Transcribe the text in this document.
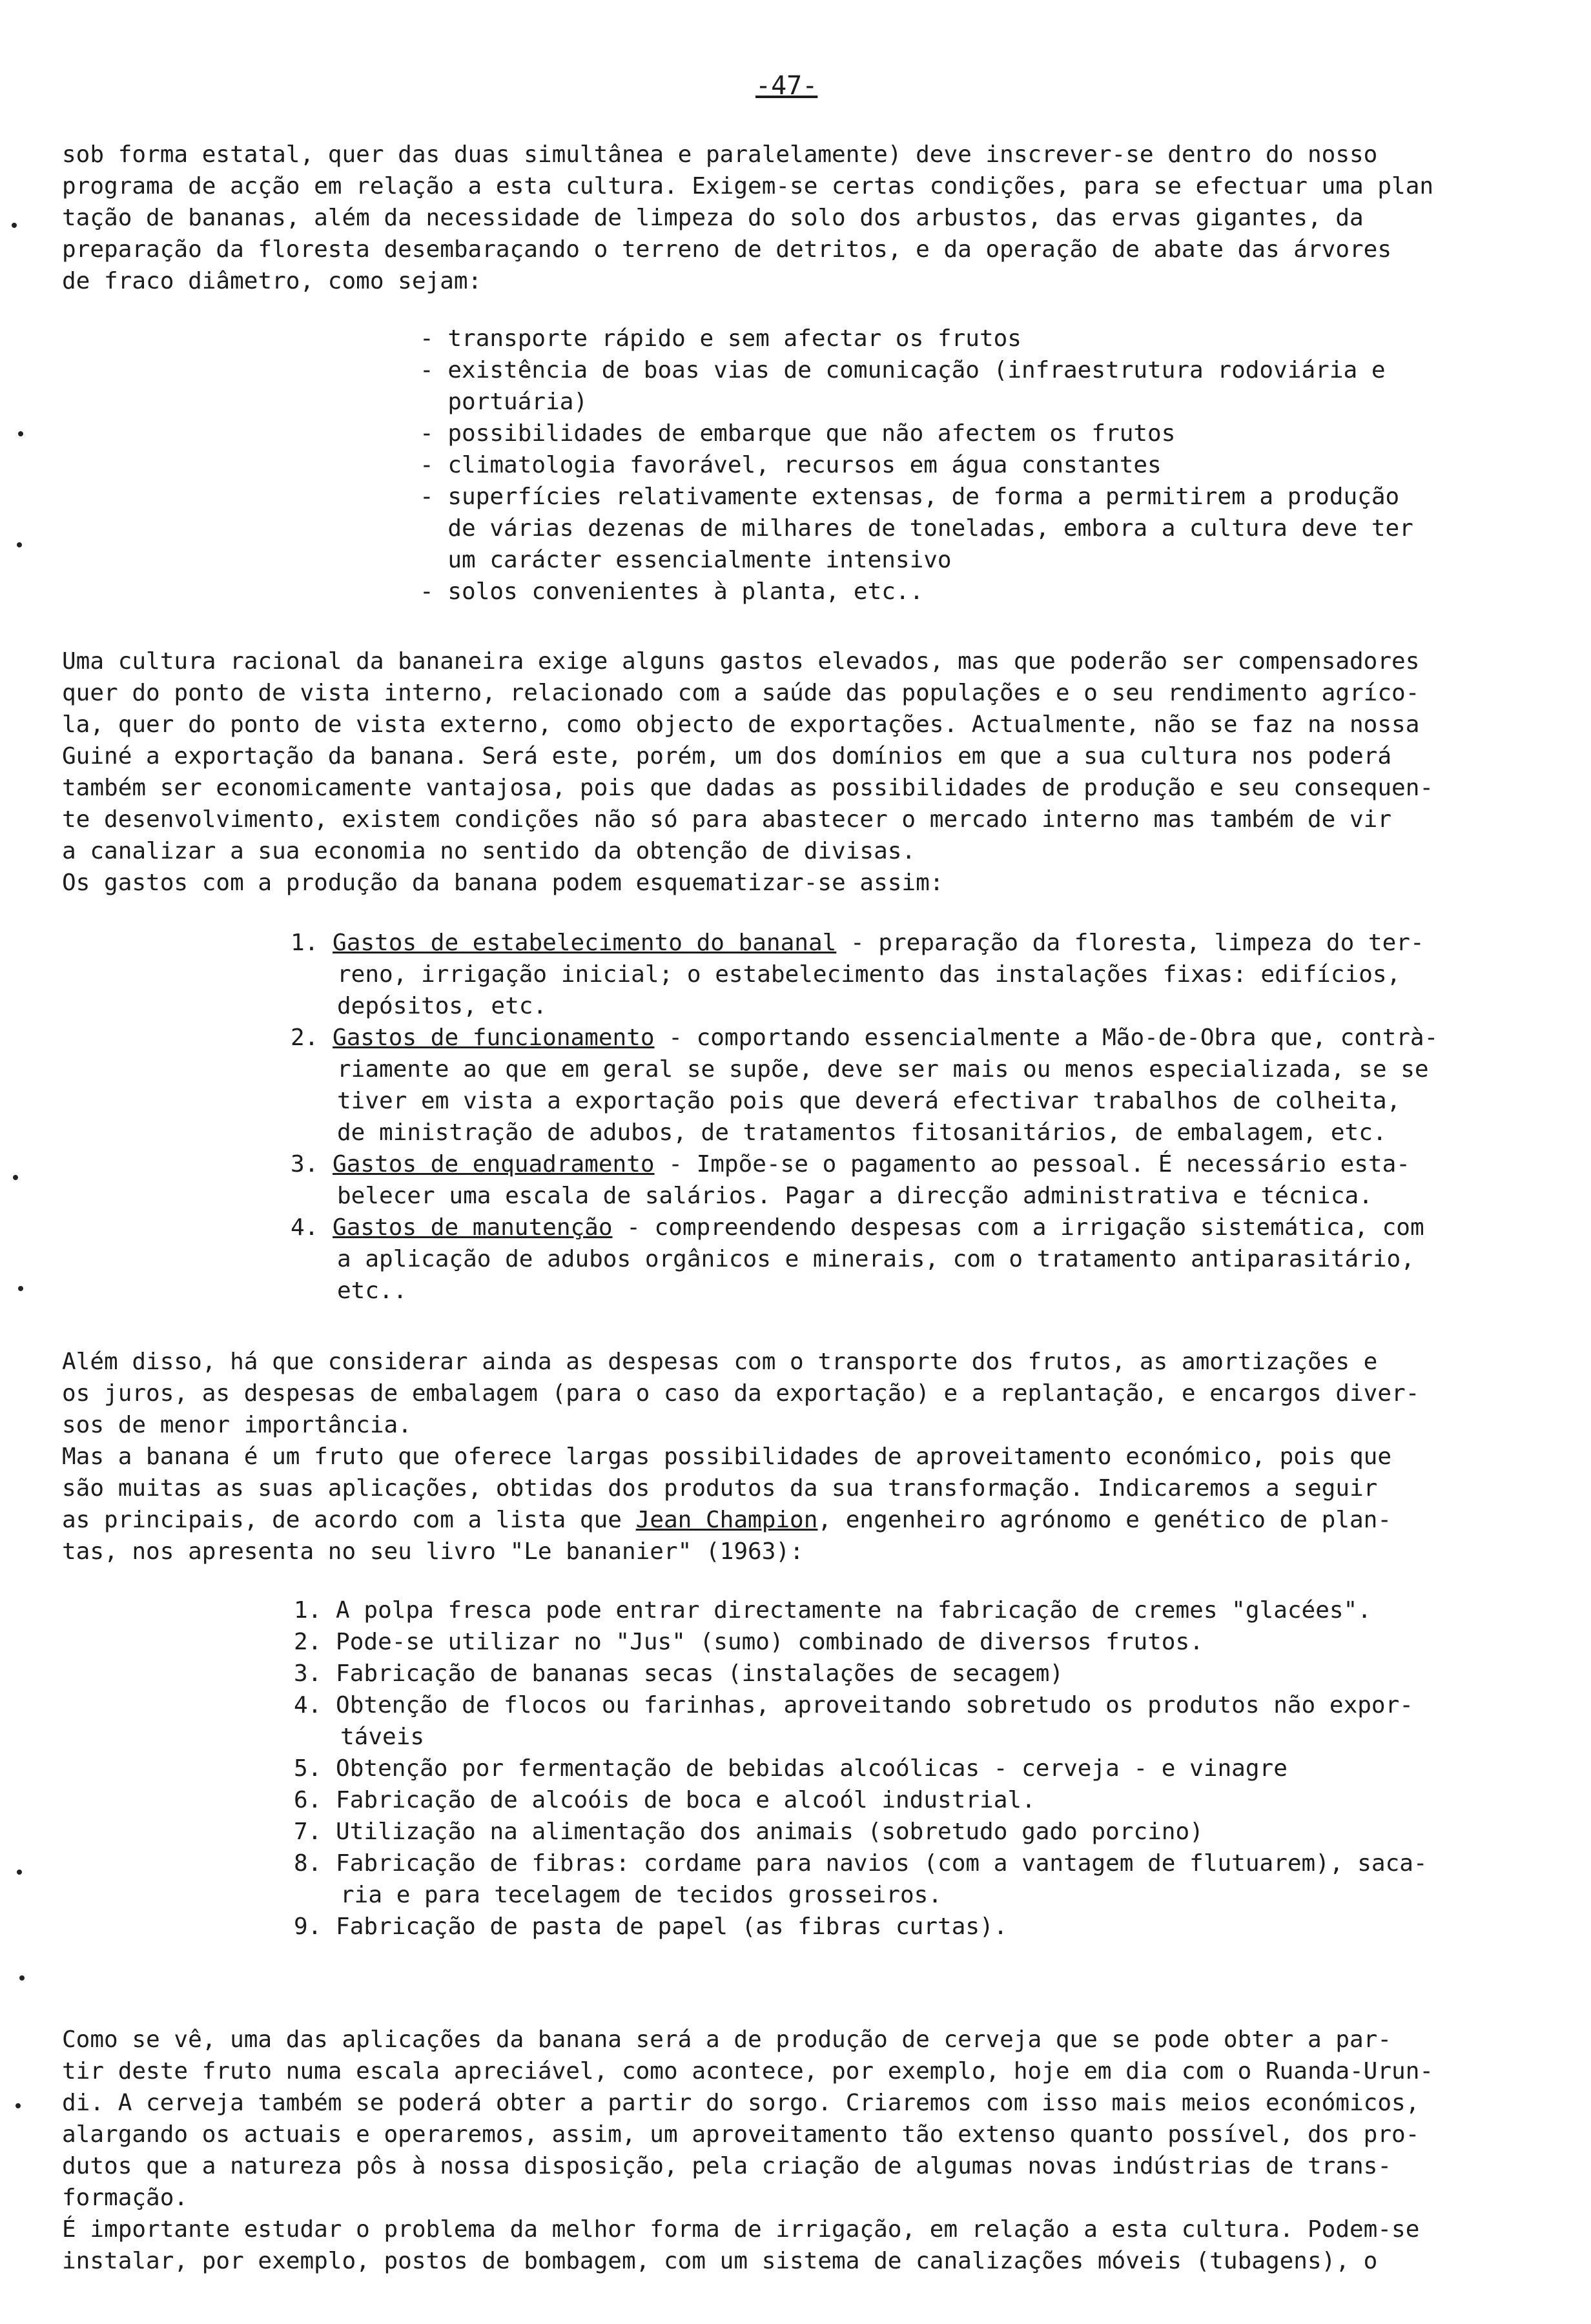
-47-
sob forma estatal, quer das duas simultânea e paralelamente) deve inscrever-se dentro do nosso
programa de acção em relação a esta cultura. Exigem-se certas condições, para se efectuar uma plan
tação de bananas, além da necessidade de limpeza do solo dos arbustos, das ervas gigantes, da
preparação da floresta desembaraçando o terreno de detritos, e da operação de abate das árvores
de fraco diâmetro, como sejam:
- transporte rápido e sem afectar os frutos
- existência de boas vias de comunicação (infraestrutura rodoviária e
portuária)
- possibilidades de embarque que não afectem os frutos
- climatologia favorável, recursos em água constantes
- superfícies relativamente extensas, de forma a permitirem a produção
de várias dezenas de milhares de toneladas, embora a cultura deve ter
um carácter essencialmente intensivo
- solos convenientes à planta, etc..
Uma cultura racional da bananeira exige alguns gastos elevados, mas que poderão ser compensadores
quer do ponto de vista interno, relacionado com a saúde das populações e o seu rendimento agríco-
la, quer do ponto de vista externo, como objecto de exportações. Actualmente, não se faz na nossa
Guiné a exportação da banana. Será este, porém, um dos domínios em que a sua cultura nos poderá
também ser economicamente vantajosa, pois que dadas as possibilidades de produção e seu consequen-
te desenvolvimento, existem condições não só para abastecer o mercado interno mas também de vir
a canalizar a sua economia no sentido da obtenção de divisas.
Os gastos com a produção da banana podem esquematizar-se assim:
1. Gastos de estabelecimento do bananal - preparação da floresta, limpeza do ter-
reno, irrigação inicial; o estabelecimento das instalações fixas: edifícios,
depósitos, etc.
2. Gastos de funcionamento - comportando essencialmente a Mão-de-Obra que, contrà-
riamente ao que em geral se supõe, deve ser mais ou menos especializada, se se
tiver em vista a exportação pois que deverá efectivar trabalhos de colheita,
de ministração de adubos, de tratamentos fitosanitários, de embalagem, etc.
3. Gastos de enquadramento - Impõe-se o pagamento ao pessoal. É necessário esta-
belecer uma escala de salários. Pagar a direcção administrativa e técnica.
4. Gastos de manutenção - compreendendo despesas com a irrigação sistemática, com
a aplicação de adubos orgânicos e minerais, com o tratamento antiparasitário,
etc..
Além disso, há que considerar ainda as despesas com o transporte dos frutos, as amortizações e
os juros, as despesas de embalagem (para o caso da exportação) e a replantação, e encargos diver-
sos de menor importância.
Mas a banana é um fruto que oferece largas possibilidades de aproveitamento económico, pois que
são muitas as suas aplicações, obtidas dos produtos da sua transformação. Indicaremos a seguir
as principais, de acordo com a lista que Jean Champion, engenheiro agrónomo e genético de plan-
tas, nos apresenta no seu livro "Le bananier" (1963):
1. A polpa fresca pode entrar directamente na fabricação de cremes "glacées".
2. Pode-se utilizar no "Jus" (sumo) combinado de diversos frutos.
3. Fabricação de bananas secas (instalações de secagem)
4. Obtenção de flocos ou farinhas, aproveitando sobretudo os produtos não expor-
táveis
5. Obtenção por fermentação de bebidas alcoólicas - cerveja - e vinagre
6. Fabricação de alcoóis de boca e alcoól industrial.
7. Utilização na alimentação dos animais (sobretudo gado porcino)
8. Fabricação de fibras: cordame para navios (com a vantagem de flutuarem), saca-
ria e para tecelagem de tecidos grosseiros.
9. Fabricação de pasta de papel (as fibras curtas).
Como se vê, uma das aplicações da banana será a de produção de cerveja que se pode obter a par-
tir deste fruto numa escala apreciável, como acontece, por exemplo, hoje em dia com o Ruanda-Urun-
di. A cerveja também se poderá obter a partir do sorgo. Criaremos com isso mais meios económicos,
alargando os actuais e operaremos, assim, um aproveitamento tão extenso quanto possível, dos pro-
dutos que a natureza pôs à nossa disposição, pela criação de algumas novas indústrias de trans-
formação.
É importante estudar o problema da melhor forma de irrigação, em relação a esta cultura. Podem-se
instalar, por exemplo, postos de bombagem, com um sistema de canalizações móveis (tubagens), o
